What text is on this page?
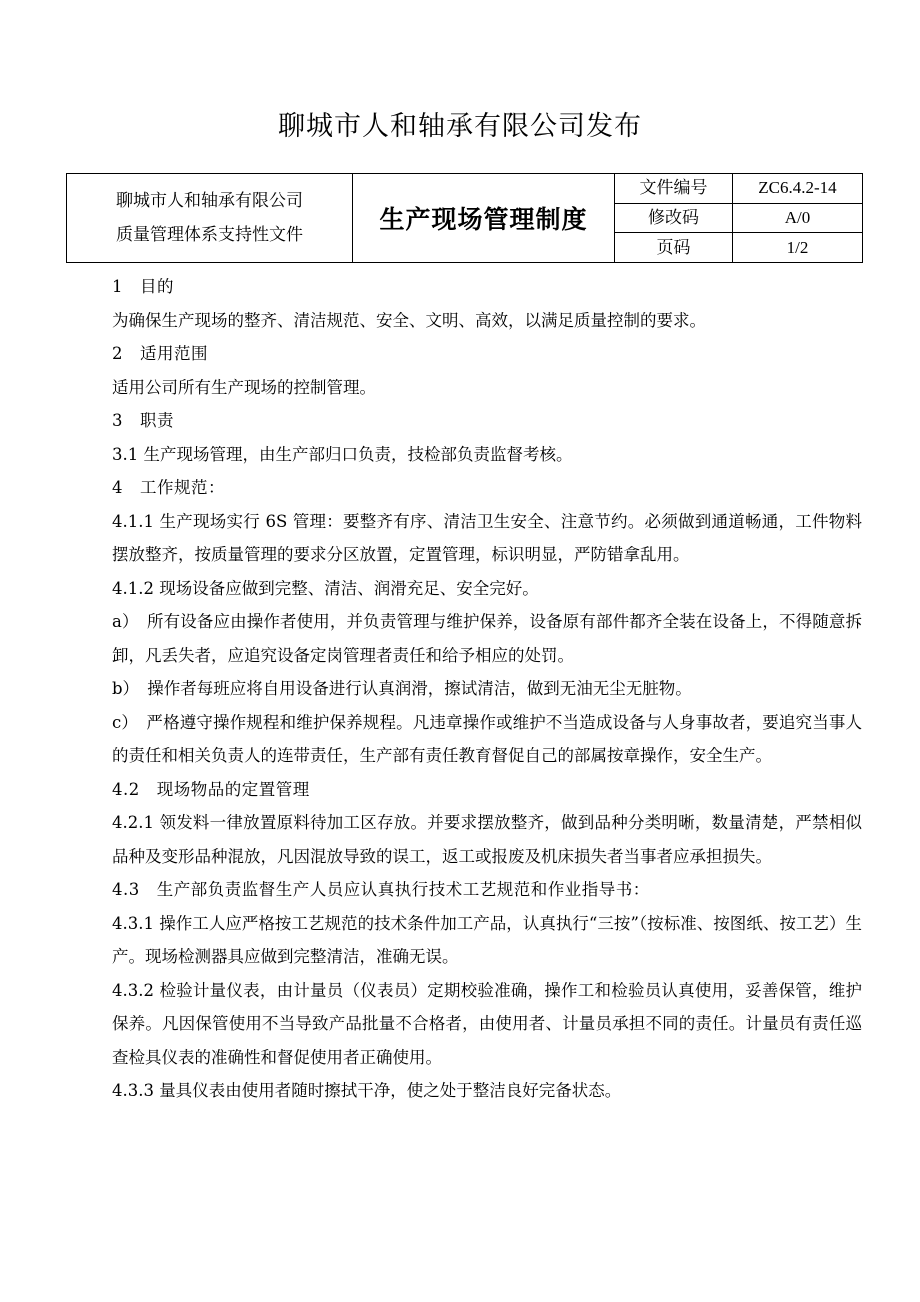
聊城市人和轴承有限公司发布
聊城市人和轴承有限公司
质量管理体系支持性文件	生产现场管理制度	文件编号	ZC6.4.2-14
		修改码	A/0
		页码	1/2

1　目的

为确保生产现场的整齐、清洁规范、安全、文明、高效，以满足质量控制的要求。

2　适用范围

适用公司所有生产现场的控制管理。

3　职责

3.1 生产现场管理，由生产部归口负责，技检部负责监督考核。

4　工作规范：

4.1.1 生产现场实行 6S 管理：要整齐有序、清洁卫生安全、注意节约。必须做到通道畅通，工件物料摆放整齐，按质量管理的要求分区放置，定置管理，标识明显，严防错拿乱用。

4.1.2 现场设备应做到完整、清洁、润滑充足、安全完好。

a）　所有设备应由操作者使用，并负责管理与维护保养，设备原有部件都齐全装在设备上，不得随意拆卸，凡丢失者，应追究设备定岗管理者责任和给予相应的处罚。

b）　操作者每班应将自用设备进行认真润滑，擦试清洁，做到无油无尘无脏物。

c）　严格遵守操作规程和维护保养规程。凡违章操作或维护不当造成设备与人身事故者，要追究当事人的责任和相关负责人的连带责任，生产部有责任教育督促自己的部属按章操作，安全生产。

4.2　现场物品的定置管理

4.2.1 领发料一律放置原料待加工区存放。并要求摆放整齐，做到品种分类明晰，数量清楚，严禁相似品种及变形品种混放，凡因混放导致的误工，返工或报废及机床损失者当事者应承担损失。

4.3　生产部负责监督生产人员应认真执行技术工艺规范和作业指导书：

4.3.1 操作工人应严格按工艺规范的技术条件加工产品，认真执行“三按”（按标准、按图纸、按工艺）生产。现场检测器具应做到完整清洁，准确无误。

4.3.2 检验计量仪表，由计量员（仪表员）定期校验准确，操作工和检验员认真使用，妥善保管，维护保养。凡因保管使用不当导致产品批量不合格者，由使用者、计量员承担不同的责任。计量员有责任巡查检具仪表的准确性和督促使用者正确使用。

4.3.3 量具仪表由使用者随时擦拭干净，使之处于整洁良好完备状态。
